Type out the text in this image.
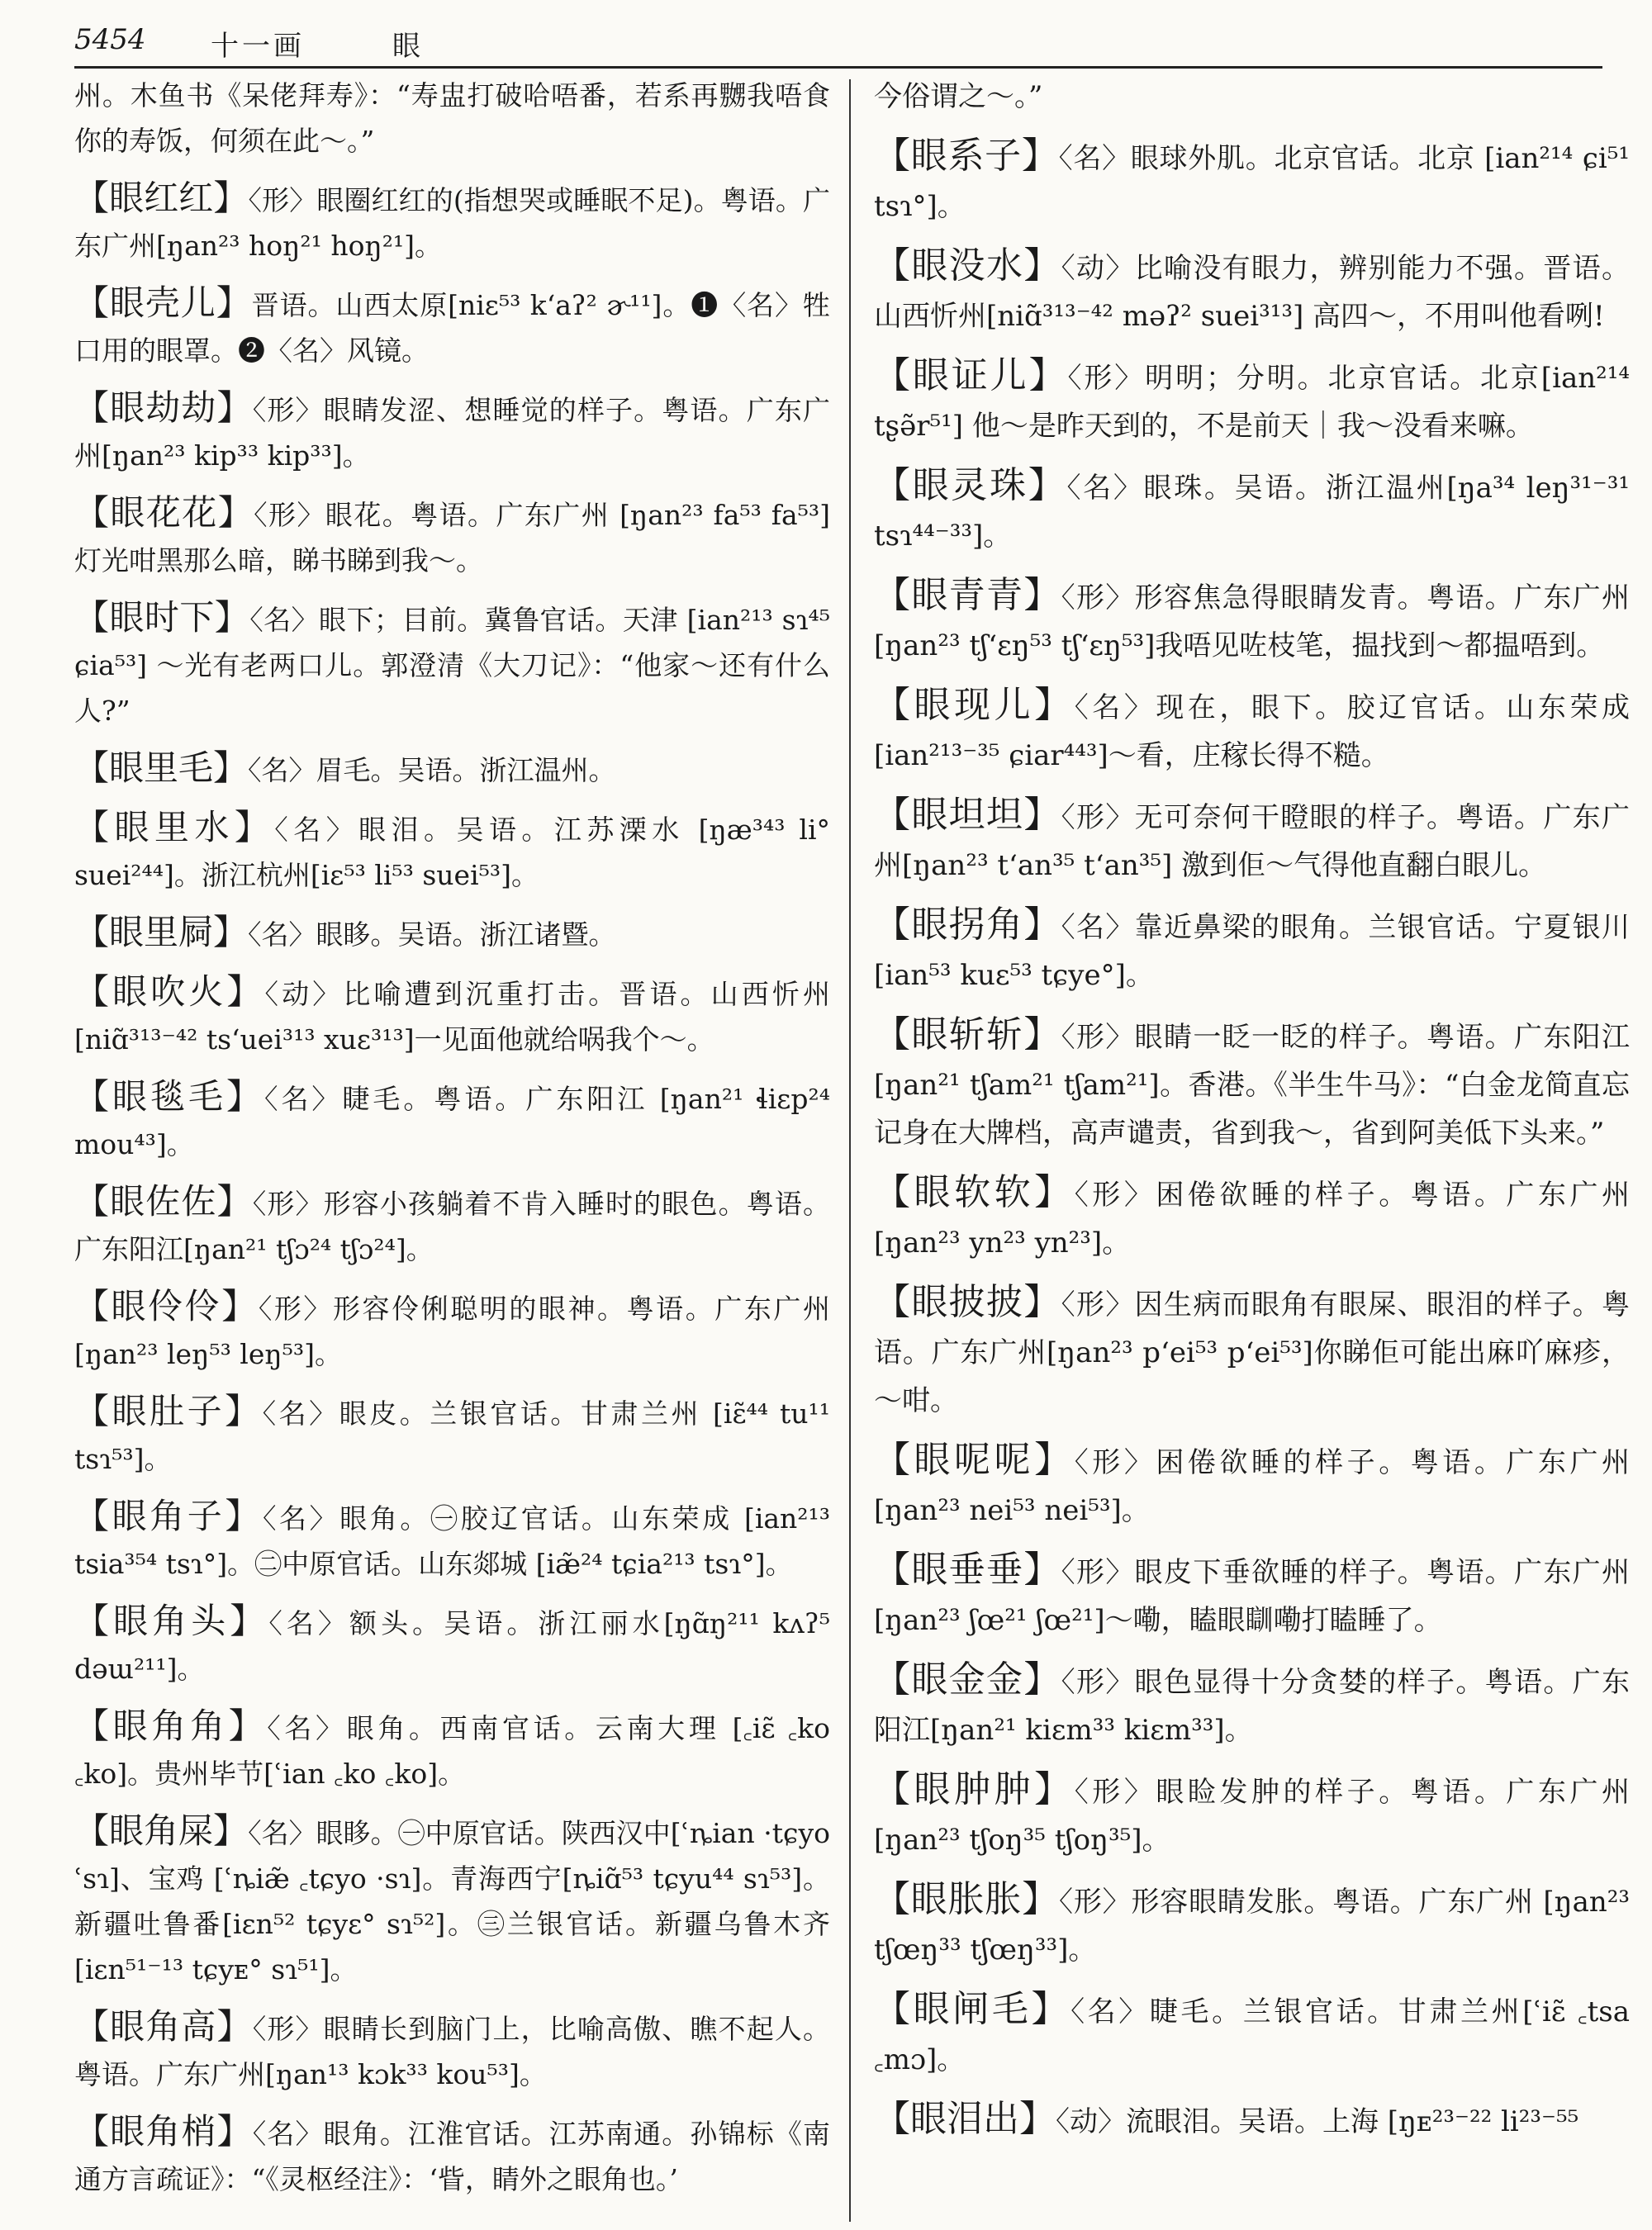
5454 十一画	眼
州。木鱼书《呆佬拜寿》：“寿盅打破哈唔番，若系再嬲我唔食你的寿饭，何须在此～。”
【眼红红】〈形〉眼圈红红的(指想哭或睡眠不足)。粤语。广东广州[ŋan²³ hoŋ²¹ hoŋ²¹]。
【眼壳儿】晋语。山西太原[niɛ⁵³ kʻaʔ² ɚ¹¹]。❶〈名〉牲口用的眼罩。❷〈名〉风镜。
【眼劫劫】〈形〉眼睛发涩、想睡觉的样子。粤语。广东广州[ŋan²³ kip³³ kip³³]。
【眼花花】〈形〉眼花。粤语。广东广州 [ŋan²³ fa⁵³ fa⁵³]灯光咁黑那么暗，睇书睇到我～。
【眼时下】〈名〉眼下；目前。冀鲁官话。天津 [ian²¹³ sɿ⁴⁵ ɕia⁵³] ～光有老两口儿。郭澄清《大刀记》：“他家～还有什么人?”
【眼里毛】〈名〉眉毛。吴语。浙江温州。
【眼里水】〈名〉眼泪。吴语。江苏溧水 [ŋæ³⁴³ li° suei²⁴⁴]。浙江杭州[iɛ⁵³ li⁵³ suei⁵³]。
【眼里屙】〈名〉眼眵。吴语。浙江诸暨。
【眼吹火】〈动〉比喻遭到沉重打击。晋语。山西忻州 [niɑ̃³¹³⁻⁴² tsʻuei³¹³ xuɛ³¹³]一见面他就给㖞我个～。
【眼毯毛】〈名〉睫毛。粤语。广东阳江 [ŋan²¹ ɬiɛp²⁴ mou⁴³]。
【眼佐佐】〈形〉形容小孩躺着不肯入睡时的眼色。粤语。广东阳江[ŋan²¹ tʃɔ²⁴ tʃɔ²⁴]。
【眼伶伶】〈形〉形容伶俐聪明的眼神。粤语。广东广州[ŋan²³ leŋ⁵³ leŋ⁵³]。
【眼肚子】〈名〉眼皮。兰银官话。甘肃兰州 [iɛ̃⁴⁴ tu¹¹ tsɿ⁵³]。
【眼角子】〈名〉眼角。㊀胶辽官话。山东荣成 [ian²¹³ tsia³⁵⁴ tsɿ°]。㊁中原官话。山东郯城 [iæ̃²⁴ tɕia²¹³ tsɿ°]。
【眼角头】〈名〉额头。吴语。浙江丽水[ŋɑ̃ŋ²¹¹ kʌʔ⁵ dəɯ²¹¹]。
【眼角角】〈名〉眼角。西南官话。云南大理 [꜀iɛ̃ ꜀ko ꜀ko]。贵州毕节[ʿian ꜀ko ꜀ko]。
【眼角屎】〈名〉眼眵。㊀中原官话。陕西汉中[ʿȵian ·tɕyo ʿsɿ]、宝鸡 [ʿȵiæ̃ ꜀tɕyo ·sɿ]。青海西宁[ȵiɑ̃⁵³ tɕyu⁴⁴ sɿ⁵³]。新疆吐鲁番[iɛn⁵² tɕyɛ° sɿ⁵²]。㊂兰银官话。新疆乌鲁木齐[iɛn⁵¹⁻¹³ tɕyᴇ° sɿ⁵¹]。
【眼角高】〈形〉眼睛长到脑门上，比喻高傲、瞧不起人。粤语。广东广州[ŋan¹³ kɔk³³ kou⁵³]。
【眼角梢】〈名〉眼角。江淮官话。江苏南通。孙锦标《南通方言疏证》：“《灵枢经注》：‘眥，睛外之眼角也。’
今俗谓之～。”
【眼系子】〈名〉眼球外肌。北京官话。北京 [ian²¹⁴ ɕi⁵¹ tsɿ°]。
【眼没水】〈动〉比喻没有眼力，辨别能力不强。晋语。山西忻州[niɑ̃³¹³⁻⁴² məʔ² suei³¹³] 高四～，不用叫他看咧!
【眼证儿】〈形〉明明；分明。北京官话。北京[ian²¹⁴ tʂə̃r⁵¹] 他～是昨天到的，不是前天｜我～没看来嘛。
【眼灵珠】〈名〉眼珠。吴语。浙江温州[ŋa³⁴ leŋ³¹⁻³¹ tsɿ⁴⁴⁻³³]。
【眼青青】〈形〉形容焦急得眼睛发青。粤语。广东广州[ŋan²³ tʃʻɛŋ⁵³ tʃʻɛŋ⁵³]我唔见咗枝笔，揾找到～都揾唔到。
【眼现儿】〈名〉现在，眼下。胶辽官话。山东荣成[ian²¹³⁻³⁵ ɕiar⁴⁴³]～看，庄稼长得不糙。
【眼坦坦】〈形〉无可奈何干瞪眼的样子。粤语。广东广州[ŋan²³ tʻan³⁵ tʻan³⁵] 激到佢～气得他直翻白眼儿。
【眼拐角】〈名〉靠近鼻梁的眼角。兰银官话。宁夏银川[ian⁵³ kuɛ⁵³ tɕye°]。
【眼斩斩】〈形〉眼睛一眨一眨的样子。粤语。广东阳江[ŋan²¹ tʃam²¹ tʃam²¹]。香港。《半生牛马》：“白金龙简直忘记身在大牌档，高声谴责，省到我～，省到阿美低下头来。”
【眼软软】〈形〉困倦欲睡的样子。粤语。广东广州[ŋan²³ yn²³ yn²³]。
【眼披披】〈形〉因生病而眼角有眼屎、眼泪的样子。粤语。广东广州[ŋan²³ pʻei⁵³ pʻei⁵³]你睇佢可能出麻吖麻疹，～咁。
【眼呢呢】〈形〉困倦欲睡的样子。粤语。广东广州[ŋan²³ nei⁵³ nei⁵³]。
【眼垂垂】〈形〉眼皮下垂欲睡的样子。粤语。广东广州[ŋan²³ ʃœ²¹ ʃœ²¹]～嘞，瞌眼瞓嘞打瞌睡了。
【眼金金】〈形〉眼色显得十分贪婪的样子。粤语。广东阳江[ŋan²¹ kiɛm³³ kiɛm³³]。
【眼肿肿】〈形〉眼睑发肿的样子。粤语。广东广州[ŋan²³ tʃoŋ³⁵ tʃoŋ³⁵]。
【眼胀胀】〈形〉形容眼睛发胀。粤语。广东广州 [ŋan²³ tʃœŋ³³ tʃœŋ³³]。
【眼闸毛】〈名〉睫毛。兰银官话。甘肃兰州[ʿiɛ̃ ꜀tsa ꜀mɔ]。
【眼泪出】〈动〉流眼泪。吴语。上海 [ŋᴇ²³⁻²² li²³⁻⁵⁵
